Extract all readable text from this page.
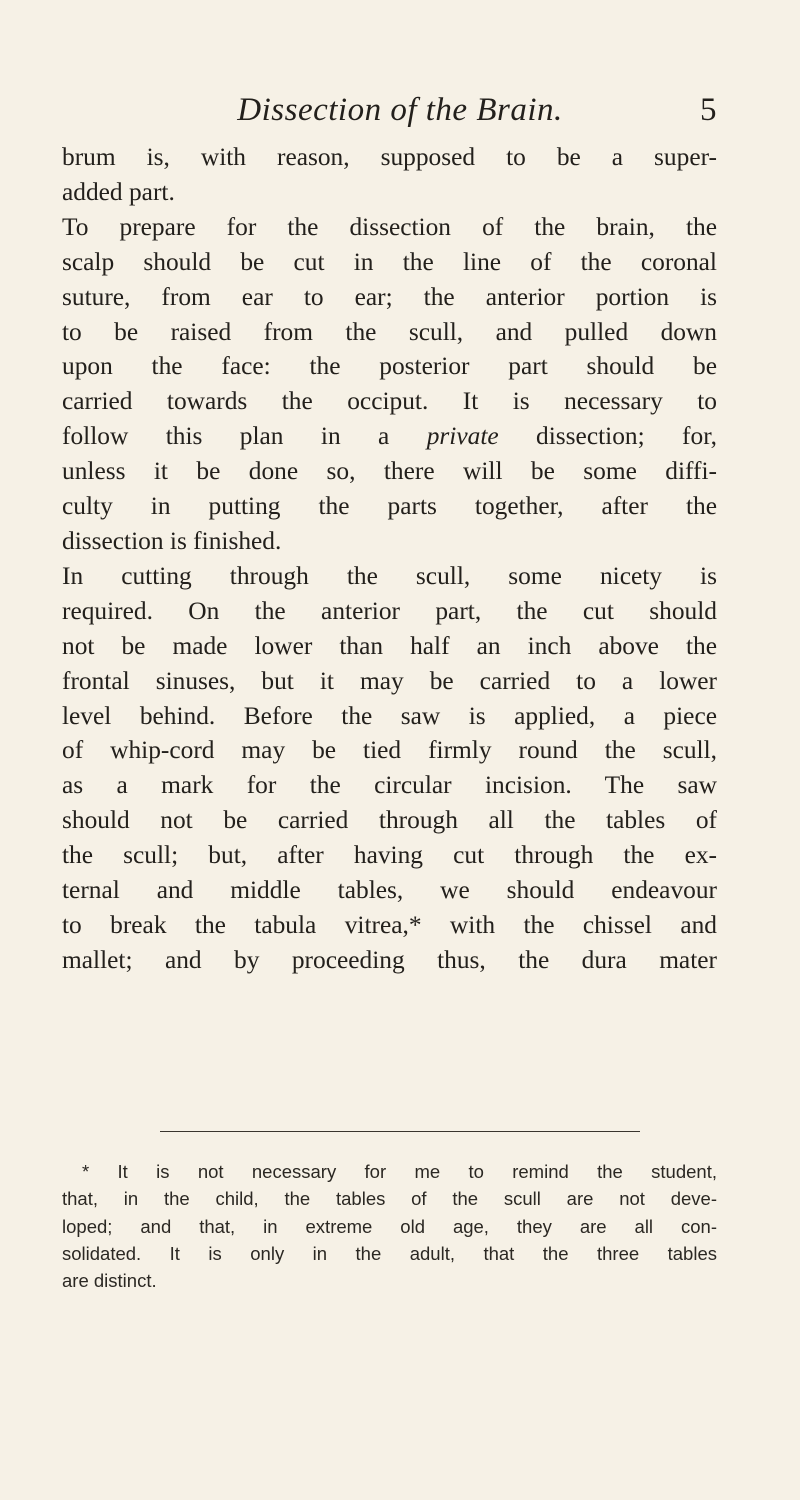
Dissection of the Brain.	5
brum is, with reason, supposed to be a super-
added part.
To prepare for the dissection of the brain, the
scalp should be cut in the line of the coronal
suture, from ear to ear; the anterior portion is
to be raised from the scull, and pulled down
upon the face: the posterior part should be
carried towards the occiput. It is necessary to
follow this plan in a private dissection; for,
unless it be done so, there will be some diffi-
culty in putting the parts together, after the
dissection is finished.
In cutting through the scull, some nicety is
required. On the anterior part, the cut should
not be made lower than half an inch above the
frontal sinuses, but it may be carried to a lower
level behind. Before the saw is applied, a piece
of whip-cord may be tied firmly round the scull,
as a mark for the circular incision. The saw
should not be carried through all the tables of
the scull; but, after having cut through the ex-
ternal and middle tables, we should endeavour
to break the tabula vitrea,* with the chissel and
mallet; and by proceeding thus, the dura mater
* It is not necessary for me to remind the student,
that, in the child, the tables of the scull are not deve-
loped; and that, in extreme old age, they are all con-
solidated. It is only in the adult, that the three tables
are distinct.
